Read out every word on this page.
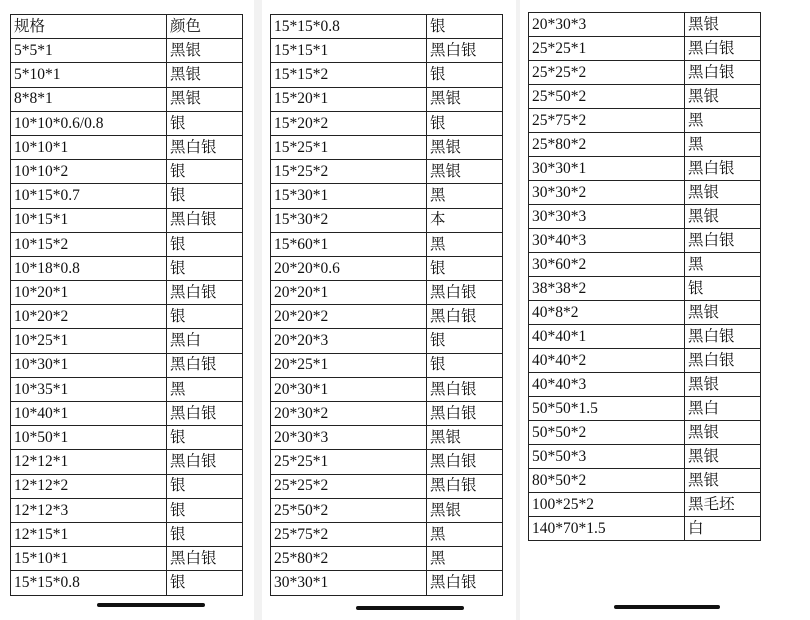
规格	颜色
5*5*1	黑银
5*10*1	黑银
8*8*1	黑银
10*10*0.6/0.8	银
10*10*1	黑白银
10*10*2	银
10*15*0.7	银
10*15*1	黑白银
10*15*2	银
10*18*0.8	银
10*20*1	黑白银
10*20*2	银
10*25*1	黑白
10*30*1	黑白银
10*35*1	黑
10*40*1	黑白银
10*50*1	银
12*12*1	黑白银
12*12*2	银
12*12*3	银
12*15*1	银
15*10*1	黑白银
15*15*0.8	银
15*15*0.8	银
15*15*1	黑白银
15*15*2	银
15*20*1	黑银
15*20*2	银
15*25*1	黑银
15*25*2	黑银
15*30*1	黑
15*30*2	本
15*60*1	黑
20*20*0.6	银
20*20*1	黑白银
20*20*2	黑白银
20*20*3	银
20*25*1	银
20*30*1	黑白银
20*30*2	黑白银
20*30*3	黑银
25*25*1	黑白银
25*25*2	黑白银
25*50*2	黑银
25*75*2	黑
25*80*2	黑
30*30*1	黑白银
20*30*3	黑银
25*25*1	黑白银
25*25*2	黑白银
25*50*2	黑银
25*75*2	黑
25*80*2	黑
30*30*1	黑白银
30*30*2	黑银
30*30*3	黑银
30*40*3	黑白银
30*60*2	黑
38*38*2	银
40*8*2	黑银
40*40*1	黑白银
40*40*2	黑白银
40*40*3	黑银
50*50*1.5	黑白
50*50*2	黑银
50*50*3	黑银
80*50*2	黑银
100*25*2	黑毛坯
140*70*1.5	白
